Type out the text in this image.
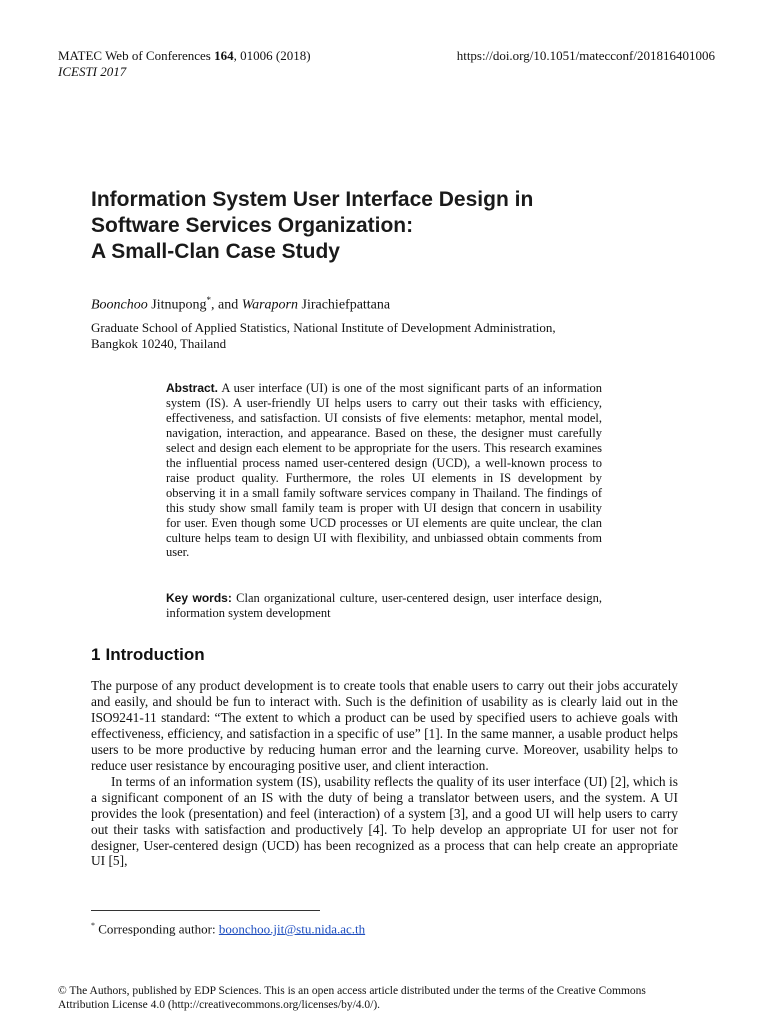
MATEC Web of Conferences 164, 01006 (2018)	https://doi.org/10.1051/matecconf/201816401006
ICESTI 2017
Information System User Interface Design in
Software Services Organization:
A Small-Clan Case Study
Boonchoo Jitnupong*, and Waraporn Jirachiefpattana
Graduate School of Applied Statistics, National Institute of Development Administration,
Bangkok 10240, Thailand
Abstract. A user interface (UI) is one of the most significant parts of an information system (IS). A user-friendly UI helps users to carry out their tasks with efficiency, effectiveness, and satisfaction. UI consists of five elements: metaphor, mental model, navigation, interaction, and appearance. Based on these, the designer must carefully select and design each element to be appropriate for the users. This research examines the influential process named user-centered design (UCD), a well-known process to raise product quality. Furthermore, the roles UI elements in IS development by observing it in a small family software services company in Thailand. The findings of this study show small family team is proper with UI design that concern in usability for user. Even though some UCD processes or UI elements are quite unclear, the clan culture helps team to design UI with flexibility, and unbiassed obtain comments from user.
Key words: Clan organizational culture, user-centered design, user interface design, information system development
1 Introduction

The purpose of any product development is to create tools that enable users to carry out their jobs accurately and easily, and should be fun to interact with. Such is the definition of usability as is clearly laid out in the ISO9241-11 standard: “The extent to which a product can be used by specified users to achieve goals with effectiveness, efficiency, and satisfaction in a specific of use” [1]. In the same manner, a usable product helps users to be more productive by reducing human error and the learning curve. Moreover, usability helps to reduce user resistance by encouraging positive user, and client interaction.

In terms of an information system (IS), usability reflects the quality of its user interface (UI) [2], which is a significant component of an IS with the duty of being a translator between users, and the system. A UI provides the look (presentation) and feel (interaction) of a system [3], and a good UI will help users to carry out their tasks with satisfaction and productively [4]. To help develop an appropriate UI for user not for designer, User-centered design (UCD) has been recognized as a process that can help create an appropriate UI [5],

* Corresponding author: boonchoo.jit@stu.nida.ac.th
© The Authors, published by EDP Sciences. This is an open access article distributed under the terms of the Creative Commons
Attribution License 4.0 (http://creativecommons.org/licenses/by/4.0/).
